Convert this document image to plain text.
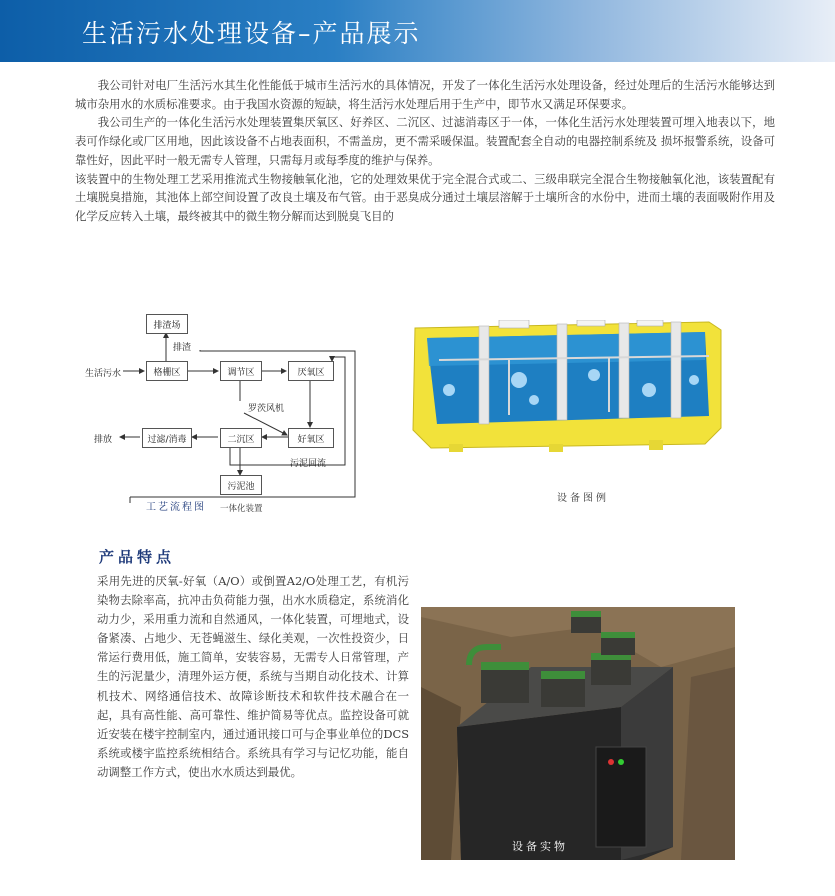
生活污水处理设备–产品展示

我公司针对电厂生活污水其生化性能低于城市生活污水的具体情况，开发了一体化生活污水处理设备，经过处理后的生活污水能够达到城市杂用水的水质标准要求。由于我国水资源的短缺，将生活污水处理后用于生产中，即节水又满足环保要求。

我公司生产的一体化生活污水处理装置集厌氧区、好养区、二沉区、过滤消毒区于一体，一体化生活污水处理装置可埋入地表以下，地表可作绿化或厂区用地，因此该设备不占地表面积，不需盖房，更不需采暖保温。装置配套全自动的电器控制系统及 损坏报警系统，设备可靠性好，因此平时一般无需专人管理，只需每月或每季度的维护与保养。

该装置中的生物处理工艺采用推流式生物接触氧化池，它的处理效果优于完全混合式或二、三级串联完全混合生物接触氧化池，该装置配有土壤脱臭措施，其池体上部空间设置了改良土壤及布气管。由于恶臭成分通过土壤层溶解于土壤所含的水份中，进而土壤的表面吸附作用及化学反应转入土壤，最终被其中的微生物分解而达到脱臭飞目的

排渣场
格栅区	调节区	厌氧区
好氧区
二沉区
过滤/消毒
污泥池
生活污水
排渣
罗茨风机
排放
污泥回流
工艺流程图 一体化装置
设备图例
产品特点

采用先进的厌氧-好氧（A/O）或倒置A2/O处理工艺，有机污染物去除率高，抗冲击负荷能力强，出水水质稳定，系统消化动力少，采用重力流和自然通风，一体化装置，可埋地式，设备紧凑、占地少、无苍蝇滋生、绿化美观，一次性投资少，日常运行费用低，施工简单，安装容易，无需专人日常管理，产生的污泥量少，清理外运方便，系统与当期自动化技术、计算机技术、网络通信技术、故障诊断技术和软件技术融合在一起，具有高性能、高可靠性、维护简易等优点。监控设备可就近安装在楼宇控制室内，通过通讯接口可与企事业单位的DCS系统或楼宇监控系统相结合。系统具有学习与记忆功能，能自动调整工作方式，使出水水质达到最优。

设备实物
